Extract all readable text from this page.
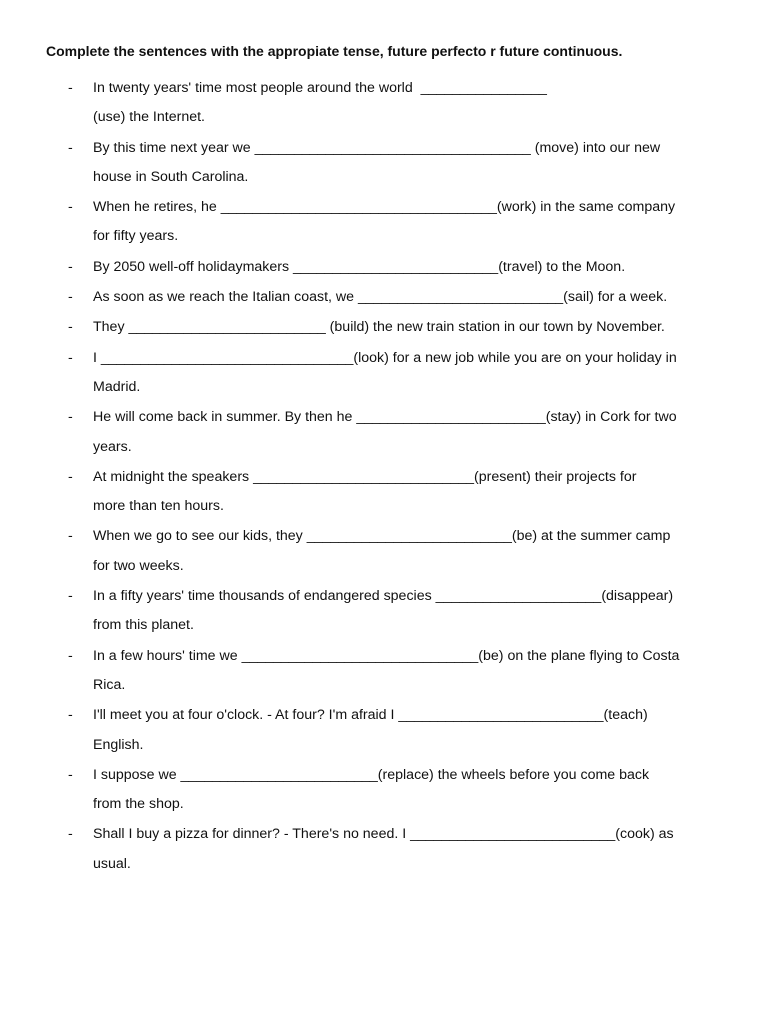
Complete the sentences with the appropiate tense, future perfecto r future continuous.
-	In twenty years' time most people around the world  ________________
(use) the Internet.
-	By this time next year we ___________________________________ (move) into our new
house in South Carolina.
-	When he retires, he ___________________________________(work) in the same company
for fifty years.
-	By 2050 well-off holidaymakers __________________________(travel) to the Moon.
-	As soon as we reach the Italian coast, we __________________________(sail) for a week.
-	They _________________________ (build) the new train station in our town by November.
-	I ________________________________(look) for a new job while you are on your holiday in
Madrid.
-	He will come back in summer. By then he ________________________(stay) in Cork for two
years.
-	At midnight the speakers ____________________________(present) their projects for
more than ten hours.
-	When we go to see our kids, they __________________________(be) at the summer camp
for two weeks.
-	In a fifty years' time thousands of endangered species _____________________(disappear)
from this planet.
-	In a few hours' time we ______________________________(be) on the plane flying to Costa
Rica.
-	I'll meet you at four o'clock. - At four? I'm afraid I __________________________(teach)
English.
-	I suppose we _________________________(replace) the wheels before you come back
from the shop.
-	Shall I buy a pizza for dinner? - There's no need. I __________________________(cook) as
usual.
